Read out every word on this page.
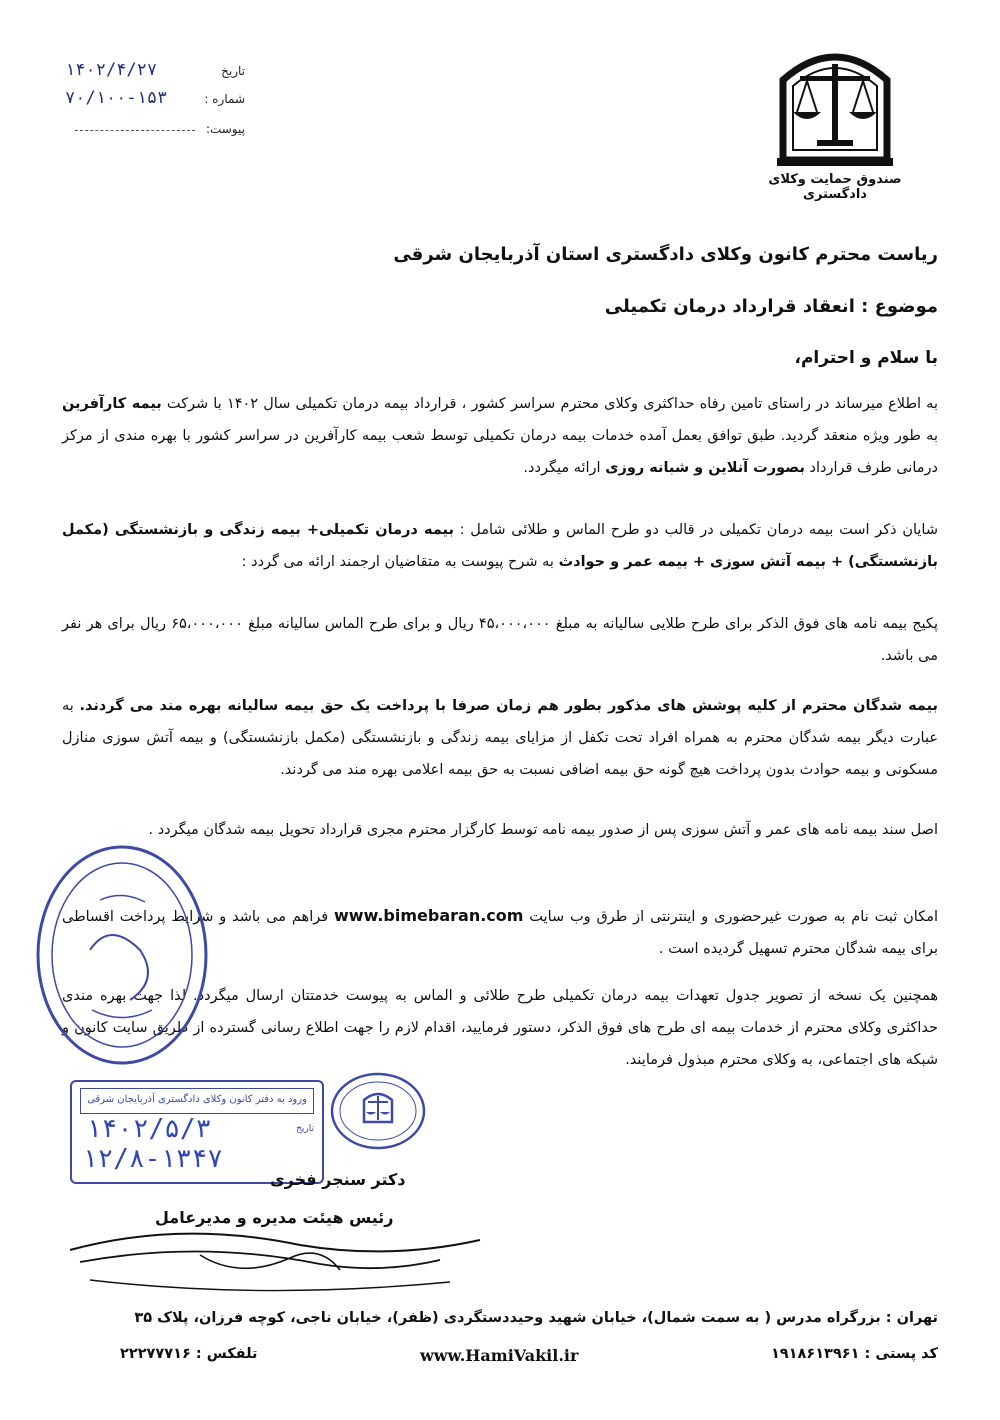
تاریخ
۱۴۰۲/۴/۲۷
شماره :
۷۰/۱۰۰-۱۵۳
پیوست:
صندوق حمایت وکلای دادگستری
ریاست محترم کانون وکلای دادگستری استان آذربایجان شرقی
موضوع : انعقاد قرارداد درمان تکمیلی
با سلام و احترام،
به اطلاع میرساند در راستای تامین رفاه حداکثری وکلای محترم سراسر کشور ، قرارداد بیمه درمان تکمیلی سال ۱۴۰۲ با شرکت بیمه کارآفرین به طور ویژه منعقد گردید. طبق توافق بعمل آمده خدمات بیمه درمان تکمیلی توسط شعب بیمه کارآفرین در سراسر کشور با بهره مندی از مرکز درمانی طرف قرارداد بصورت آنلاین و شبانه روزی ارائه میگردد.
شایان ذکر است بیمه درمان تکمیلی در قالب دو طرح الماس و طلائی شامل : بیمه درمان تکمیلی+ بیمه زندگی و بازنشستگی (مکمل بازنشستگی) + بیمه آتش سوزی + بیمه عمر و حوادث به شرح پیوست به متقاضیان ارجمند ارائه می گردد :
پکیج بیمه نامه های فوق الذکر برای طرح طلایی سالیانه به مبلغ ۴۵،۰۰۰،۰۰۰ ریال و برای طرح الماس سالیانه مبلغ ۶۵،۰۰۰،۰۰۰ ریال برای هر نفر می باشد.
بیمه شدگان محترم از کلیه پوشش های مذکور بطور هم زمان صرفا با پرداخت یک حق بیمه سالیانه بهره مند می گردند. به عبارت دیگر بیمه شدگان محترم به همراه افراد تحت تکفل از مزایای بیمه زندگی و بازنشستگی (مکمل بازنشستگی) و بیمه آتش سوزی منازل مسکونی و بیمه حوادث بدون پرداخت هیچ گونه حق بیمه اضافی نسبت به حق بیمه اعلامی بهره مند می گردند.
اصل سند بیمه نامه های عمر و آتش سوزی پس از صدور بیمه نامه توسط کارگزار محترم مجری قرارداد تحویل بیمه شدگان میگردد .
امکان ثبت نام به صورت غیرحضوری و اینترنتی از طرق وب سایت www.bimebaran.com فراهم می باشد و شرایط پرداخت اقساطی برای بیمه شدگان محترم تسهیل گردیده است .
همچنین یک نسخه از تصویر جدول تعهدات بیمه درمان تکمیلی طرح طلائی و الماس به پیوست خدمتتان ارسال میگردد. لذا جهت بهره مندی حداکثری وکلای محترم از خدمات بیمه ای طرح های فوق الذکر، دستور فرمایید، اقدام لازم را جهت اطلاع رسانی گسترده از طریق سایت کانون و شبکه های اجتماعی، به وکلای محترم مبذول فرمایند.
ورود به دفتر کانون وکلای دادگستری آذربایجان شرقی
تاریخ
۱۴۰۲/۵/۳
۱۲/۸-۱۳۴۷
دکتر سنجر فخری
رئیس هیئت مدیره و مدیرعامل
تهران : بزرگراه مدرس ( به سمت شمال)، خیابان شهید وحیددستگردی (ظفر)، خیابان ناجی، کوچه فرزان، پلاک ۳۵
کد پستی : ۱۹۱۸۶۱۳۹۶۱
www.HamiVakil.ir
تلفکس : ۲۲۲۷۷۷۱۶
